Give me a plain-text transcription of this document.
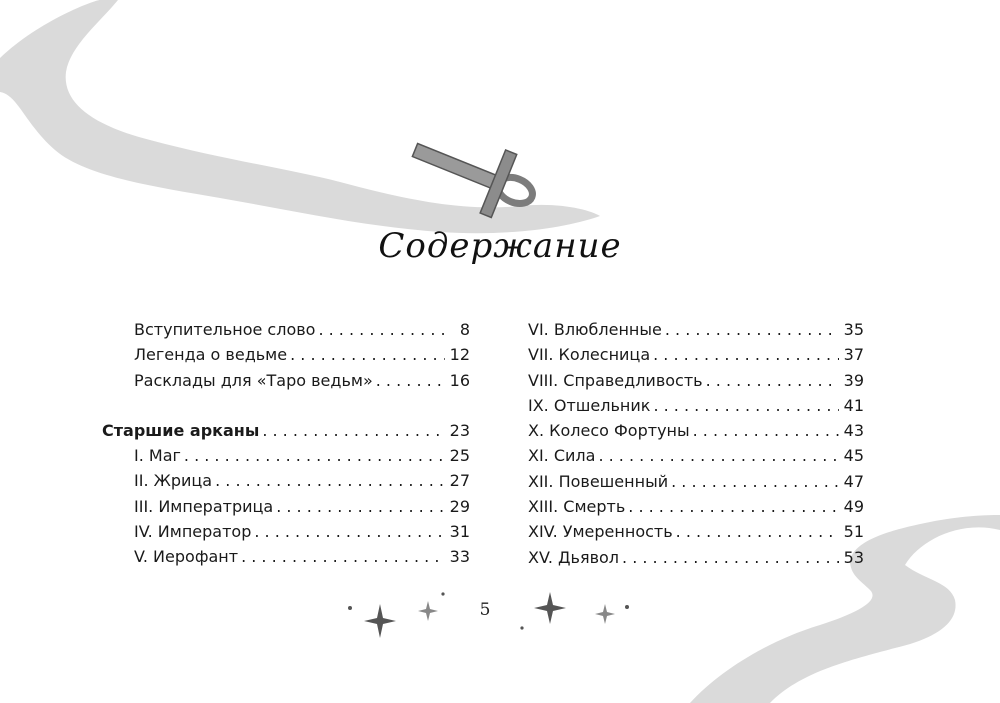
Содержание
Вступительное слово . . .	8
Легенда о ведьме . . .	12
Расклады для «Таро ведьм» . . .	16
Старшие арканы . . .	23
I. Маг . . .	25
II. Жрица . . .	27
III. Императрица . . .	29
IV. Император . . .	31
V. Иерофант . . .	33
VI. Влюбленные . . .	35
VII. Колесница . . .	37
VIII. Справедливость . . .	39
IX. Отшельник . . .	41
X. Колесо Фортуны . . .	43
XI. Сила . . .	45
XII. Повешенный . . .	47
XIII. Смерть . . .	49
XIV. Умеренность . . .	51
XV. Дьявол . . .	53
5
